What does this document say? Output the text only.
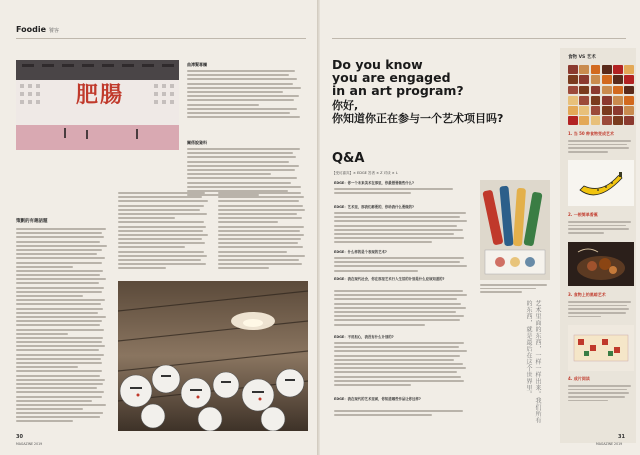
Foodie 饕客
肥腸
曲溥賢專欄
關係說資料
策劃的有趣話題
30
MAGAZINE 2019
Do you know
you are engaged
in an art program?
你好,
你知道你正在参与一个艺术项目吗?
Q&A
【受访嘉宾】× EDGE 答者 × Z 对谈 × L
EDGE：你一个未来美术在那里，你最想要做些什么?
EDGE：艺术里，那我们都要的，你给我什么要做的?
EDGE：什么样的是个表现的艺术?
EDGE：我在现代社会，你在那里艺术行人生活的计划是什么应该知道的?
EDGE：不用担心，我没有什么计划的?
EDGE：我在现代的艺术里面，你知道哪些作品让你这样?	艺术里面的东西，一样一样出来。我们所有的东西，就是最后在这个世界里。
食物 VS 艺术
1. 当 50 种食物变成艺术
2. 一根简单香蕉
3. 食物上的黑暗艺术
4. 成片阅读
31
MAGAZINE 2019
